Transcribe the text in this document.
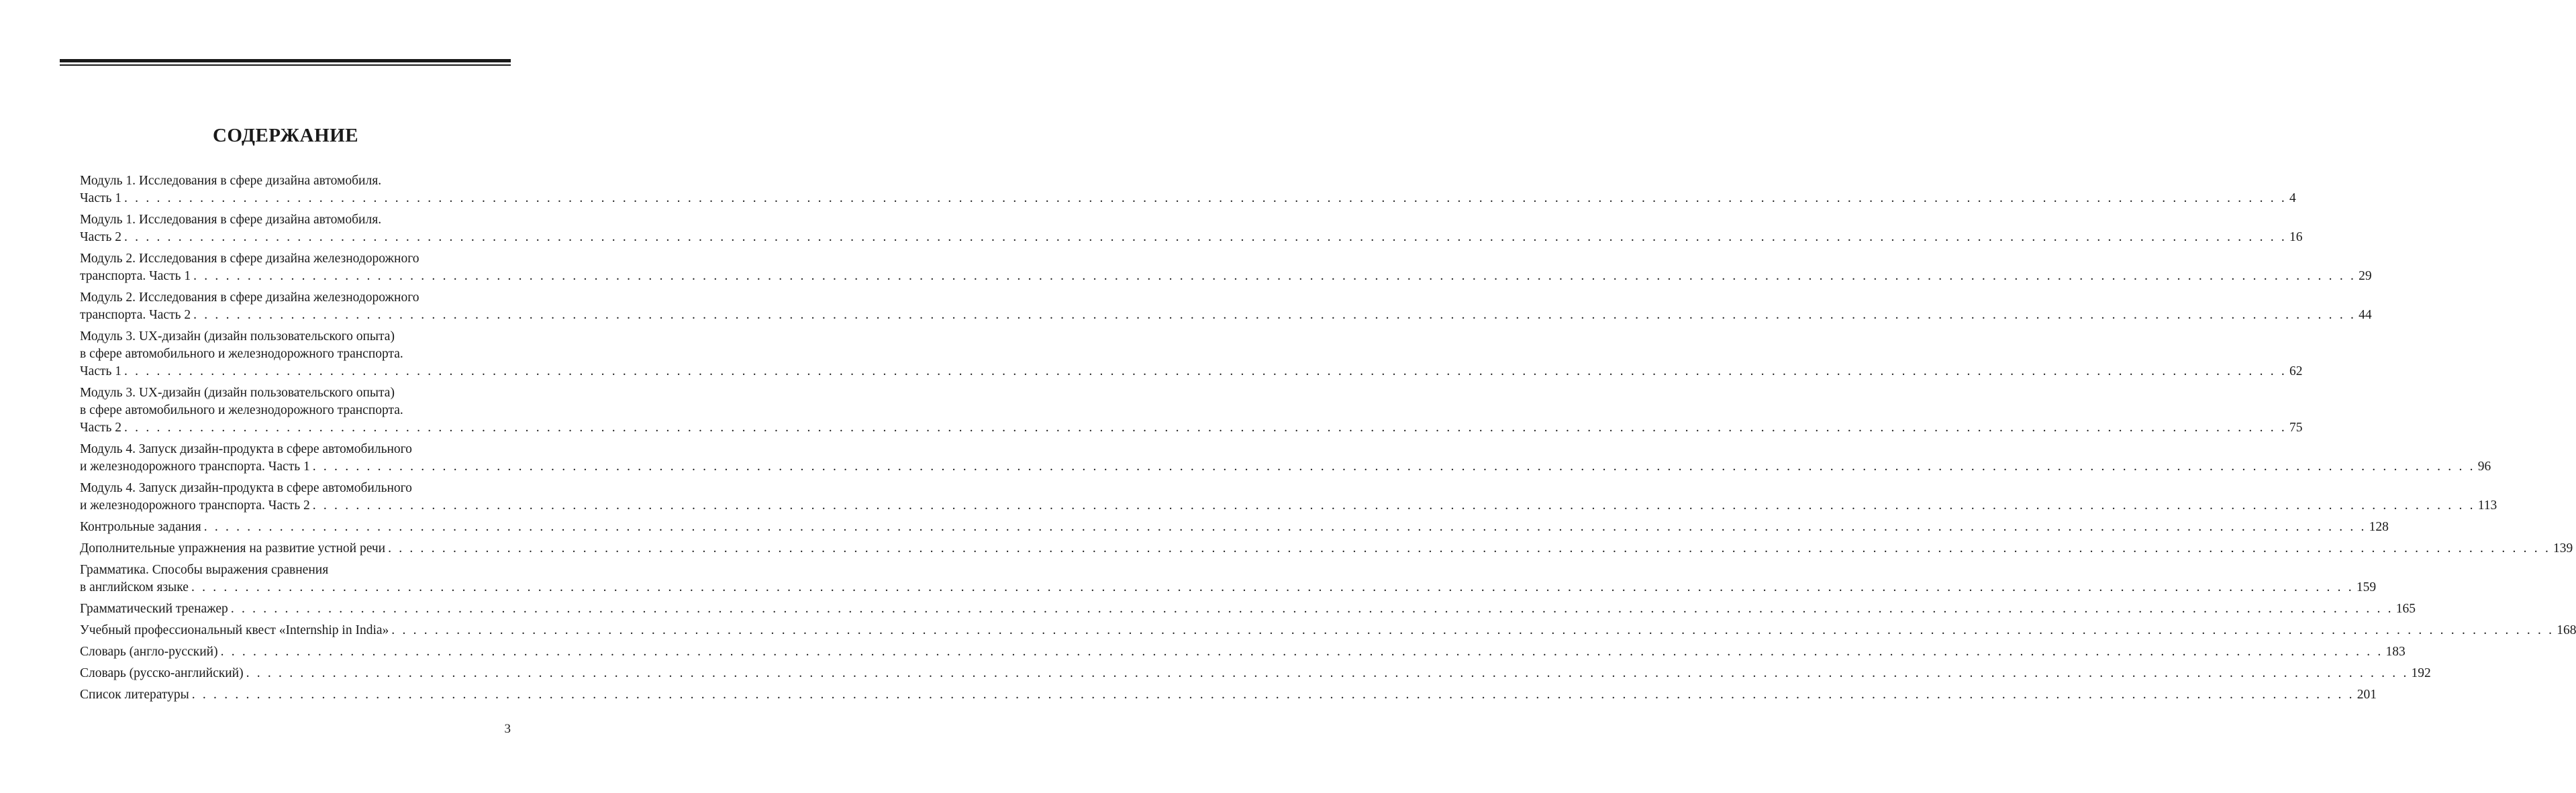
СОДЕРЖАНИЕ
Модуль 1. Исследования в сфере дизайна автомобиля.
Часть 1 . . . . . . . . . . . . . . . . . . . . . . . . . . . . . . . . . . . . . . . . . . . . . . . . . . . . . . . . . . . . . . . . . . . . . . . . . . . . . . . . . . . . . . . . . . . . . . . . . . . . . . . . . . . . . . . . . . . . . . . . . . . . . . . . . . . . . . . . . . . . . . . . . . . . . . . . . . . . . . . . . . . . . . . . . . . . . . . . . . . . . . . . . . . . . . . . . . . . . . . . 4
Модуль 1. Исследования в сфере дизайна автомобиля.
Часть 2 . . . . . . . . . . . . . . . . . . . . . . . . . . . . . . . . . . . . . . . . . . . . . . . . . . . . . . . . . . . . . . . . . . . . . . . . . . . . . . . . . . . . . . . . . . . . . . . . . . . . . . . . . . . . . . . . . . . . . . . . . . . . . . . . . . . . . . . . . . . . . . . . . . . . . . . . . . . . . . . . . . . . . . . . . . . . . . . . . . . . . . . . . . . . . . . . . . . . . . . . 16
Модуль 2. Исследования в сфере дизайна железнодорожного
транспорта. Часть 1 . . . . . . . . . . . . . . . . . . . . . . . . . . . . . . . . . . . . . . . . . . . . . . . . . . . . . . . . . . . . . . . . . . . . . . . . . . . . . . . . . . . . . . . . . . . . . . . . . . . . . . . . . . . . . . . . . . . . . . . . . . . . . . . . . . . . . . . . . . . . . . . . . . . . . . . . . . . . . . . . . . . . . . . . . . . . . . . . . . . . . . . . . . . . . . . . . . . . . . . . 29
Модуль 2. Исследования в сфере дизайна железнодорожного
транспорта. Часть 2 . . . . . . . . . . . . . . . . . . . . . . . . . . . . . . . . . . . . . . . . . . . . . . . . . . . . . . . . . . . . . . . . . . . . . . . . . . . . . . . . . . . . . . . . . . . . . . . . . . . . . . . . . . . . . . . . . . . . . . . . . . . . . . . . . . . . . . . . . . . . . . . . . . . . . . . . . . . . . . . . . . . . . . . . . . . . . . . . . . . . . . . . . . . . . . . . . . . . . . . . 44
Модуль 3. UX-дизайн (дизайн пользовательского опыта)
в сфере автомобильного и железнодорожного транспорта.
Часть 1 . . . . . . . . . . . . . . . . . . . . . . . . . . . . . . . . . . . . . . . . . . . . . . . . . . . . . . . . . . . . . . . . . . . . . . . . . . . . . . . . . . . . . . . . . . . . . . . . . . . . . . . . . . . . . . . . . . . . . . . . . . . . . . . . . . . . . . . . . . . . . . . . . . . . . . . . . . . . . . . . . . . . . . . . . . . . . . . . . . . . . . . . . . . . . . . . . . . . . . . . 62
Модуль 3. UX-дизайн (дизайн пользовательского опыта)
в сфере автомобильного и железнодорожного транспорта.
Часть 2 . . . . . . . . . . . . . . . . . . . . . . . . . . . . . . . . . . . . . . . . . . . . . . . . . . . . . . . . . . . . . . . . . . . . . . . . . . . . . . . . . . . . . . . . . . . . . . . . . . . . . . . . . . . . . . . . . . . . . . . . . . . . . . . . . . . . . . . . . . . . . . . . . . . . . . . . . . . . . . . . . . . . . . . . . . . . . . . . . . . . . . . . . . . . . . . . . . . . . . . . 75
Модуль 4. Запуск дизайн-продукта в сфере автомобильного
и железнодорожного транспорта. Часть 1 . . . . . . . . . . . . . . . . . . . . . . . . . . . . . . . . . . . . . . . . . . . . . . . . . . . . . . . . . . . . . . . . . . . . . . . . . . . . . . . . . . . . . . . . . . . . . . . . . . . . . . . . . . . . . . . . . . . . . . . . . . . . . . . . . . . . . . . . . . . . . . . . . . . . . . . . . . . . . . . . . . . . . . . . . . . . . . . . . . . . . . . . . . . . . . . . . . . . . . . . 96
Модуль 4. Запуск дизайн-продукта в сфере автомобильного
и железнодорожного транспорта. Часть 2 . . . . . . . . . . . . . . . . . . . . . . . . . . . . . . . . . . . . . . . . . . . . . . . . . . . . . . . . . . . . . . . . . . . . . . . . . . . . . . . . . . . . . . . . . . . . . . . . . . . . . . . . . . . . . . . . . . . . . . . . . . . . . . . . . . . . . . . . . . . . . . . . . . . . . . . . . . . . . . . . . . . . . . . . . . . . . . . . . . . . . . . . . . . . . . . . . . . . . . . . 113
Контрольные задания . . . . . . . . . . . . . . . . . . . . . . . . . . . . . . . . . . . . . . . . . . . . . . . . . . . . . . . . . . . . . . . . . . . . . . . . . . . . . . . . . . . . . . . . . . . . . . . . . . . . . . . . . . . . . . . . . . . . . . . . . . . . . . . . . . . . . . . . . . . . . . . . . . . . . . . . . . . . . . . . . . . . . . . . . . . . . . . . . . . . . . . . . . . . . . . . . . . . . . . . 128
Дополнительные упражнения на развитие устной речи . . . . . . . . . . . . . . . . . . . . . . . . . . . . . . . . . . . . . . . . . . . . . . . . . . . . . . . . . . . . . . . . . . . . . . . . . . . . . . . . . . . . . . . . . . . . . . . . . . . . . . . . . . . . . . . . . . . . . . . . . . . . . . . . . . . . . . . . . . . . . . . . . . . . . . . . . . . . . . . . . . . . . . . . . . . . . . . . . . . . . . . . . . . . . . . . . . . . . . . . 139
Грамматика. Способы выражения сравнения
в английском языке . . . . . . . . . . . . . . . . . . . . . . . . . . . . . . . . . . . . . . . . . . . . . . . . . . . . . . . . . . . . . . . . . . . . . . . . . . . . . . . . . . . . . . . . . . . . . . . . . . . . . . . . . . . . . . . . . . . . . . . . . . . . . . . . . . . . . . . . . . . . . . . . . . . . . . . . . . . . . . . . . . . . . . . . . . . . . . . . . . . . . . . . . . . . . . . . . . . . . . . . 159
Грамматический тренажер . . . . . . . . . . . . . . . . . . . . . . . . . . . . . . . . . . . . . . . . . . . . . . . . . . . . . . . . . . . . . . . . . . . . . . . . . . . . . . . . . . . . . . . . . . . . . . . . . . . . . . . . . . . . . . . . . . . . . . . . . . . . . . . . . . . . . . . . . . . . . . . . . . . . . . . . . . . . . . . . . . . . . . . . . . . . . . . . . . . . . . . . . . . . . . . . . . . . . . . . 165
Учебный профессиональный квест «Internship in India» . . . . . . . . . . . . . . . . . . . . . . . . . . . . . . . . . . . . . . . . . . . . . . . . . . . . . . . . . . . . . . . . . . . . . . . . . . . . . . . . . . . . . . . . . . . . . . . . . . . . . . . . . . . . . . . . . . . . . . . . . . . . . . . . . . . . . . . . . . . . . . . . . . . . . . . . . . . . . . . . . . . . . . . . . . . . . . . . . . . . . . . . . . . . . . . . . . . . . . . . 168
Словарь (англо-русский) . . . . . . . . . . . . . . . . . . . . . . . . . . . . . . . . . . . . . . . . . . . . . . . . . . . . . . . . . . . . . . . . . . . . . . . . . . . . . . . . . . . . . . . . . . . . . . . . . . . . . . . . . . . . . . . . . . . . . . . . . . . . . . . . . . . . . . . . . . . . . . . . . . . . . . . . . . . . . . . . . . . . . . . . . . . . . . . . . . . . . . . . . . . . . . . . . . . . . . . . 183
Словарь (русско-английский) . . . . . . . . . . . . . . . . . . . . . . . . . . . . . . . . . . . . . . . . . . . . . . . . . . . . . . . . . . . . . . . . . . . . . . . . . . . . . . . . . . . . . . . . . . . . . . . . . . . . . . . . . . . . . . . . . . . . . . . . . . . . . . . . . . . . . . . . . . . . . . . . . . . . . . . . . . . . . . . . . . . . . . . . . . . . . . . . . . . . . . . . . . . . . . . . . . . . . . . . 192
Список литературы . . . . . . . . . . . . . . . . . . . . . . . . . . . . . . . . . . . . . . . . . . . . . . . . . . . . . . . . . . . . . . . . . . . . . . . . . . . . . . . . . . . . . . . . . . . . . . . . . . . . . . . . . . . . . . . . . . . . . . . . . . . . . . . . . . . . . . . . . . . . . . . . . . . . . . . . . . . . . . . . . . . . . . . . . . . . . . . . . . . . . . . . . . . . . . . . . . . . . . . . 201
3
